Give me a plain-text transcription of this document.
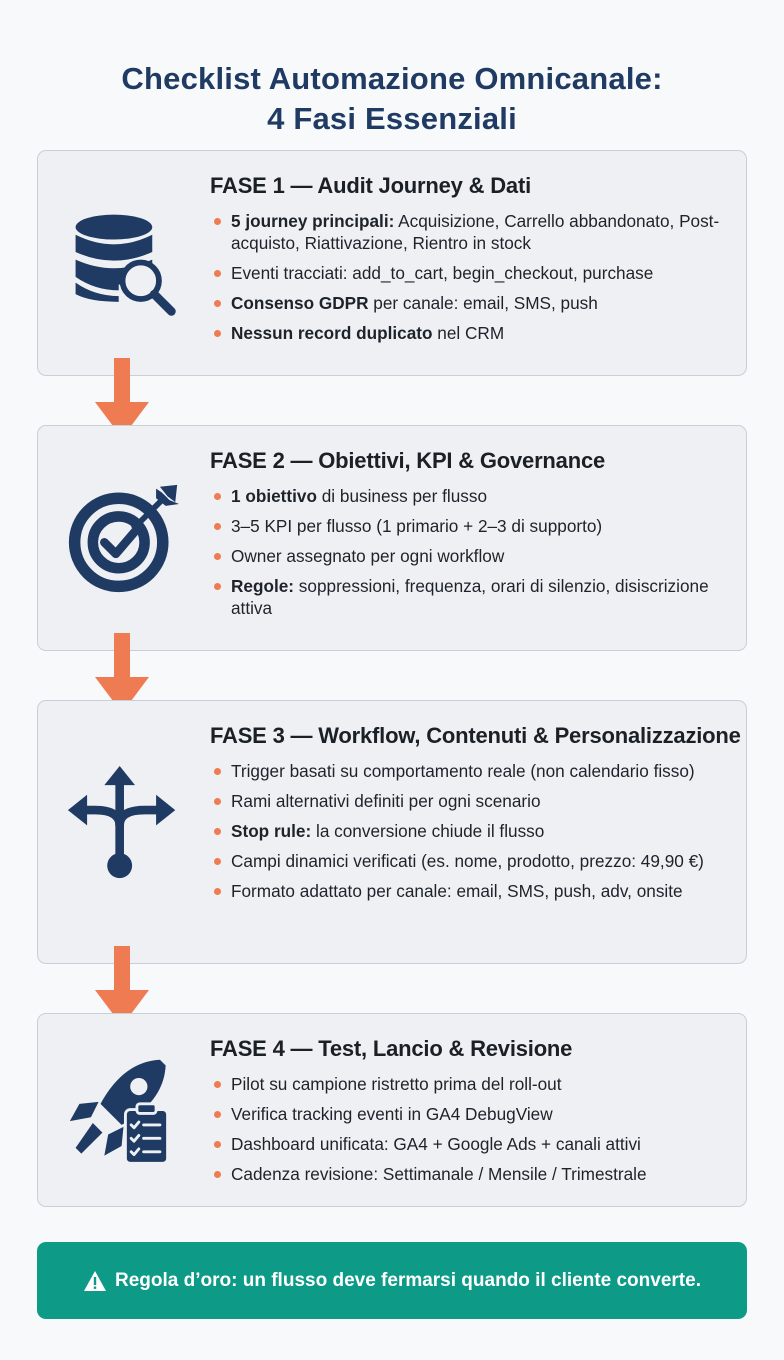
Checklist Automazione Omnicanale:
4 Fasi Essenziali
FASE 1 — Audit Journey & Dati
5 journey principali: Acquisizione, Carrello abbandonato, Post-acquisto, Riattivazione, Rientro in stock
Eventi tracciati: add_to_cart, begin_checkout, purchase
Consenso GDPR per canale: email, SMS, push
Nessun record duplicato nel CRM
FASE 2 — Obiettivi, KPI & Governance
1 obiettivo di business per flusso
3–5 KPI per flusso (1 primario + 2–3 di supporto)
Owner assegnato per ogni workflow
Regole: soppressioni, frequenza, orari di silenzio, disiscrizione attiva
FASE 3 — Workflow, Contenuti & Personalizzazione
Trigger basati su comportamento reale (non calendario fisso)
Rami alternativi definiti per ogni scenario
Stop rule: la conversione chiude il flusso
Campi dinamici verificati (es. nome, prodotto, prezzo: 49,90 €)
Formato adattato per canale: email, SMS, push, adv, onsite
FASE 4 — Test, Lancio & Revisione
Pilot su campione ristretto prima del roll-out
Verifica tracking eventi in GA4 DebugView
Dashboard unificata: GA4 + Google Ads + canali attivi
Cadenza revisione: Settimanale / Mensile / Trimestrale
Regola d’oro: un flusso deve fermarsi quando il cliente converte.
